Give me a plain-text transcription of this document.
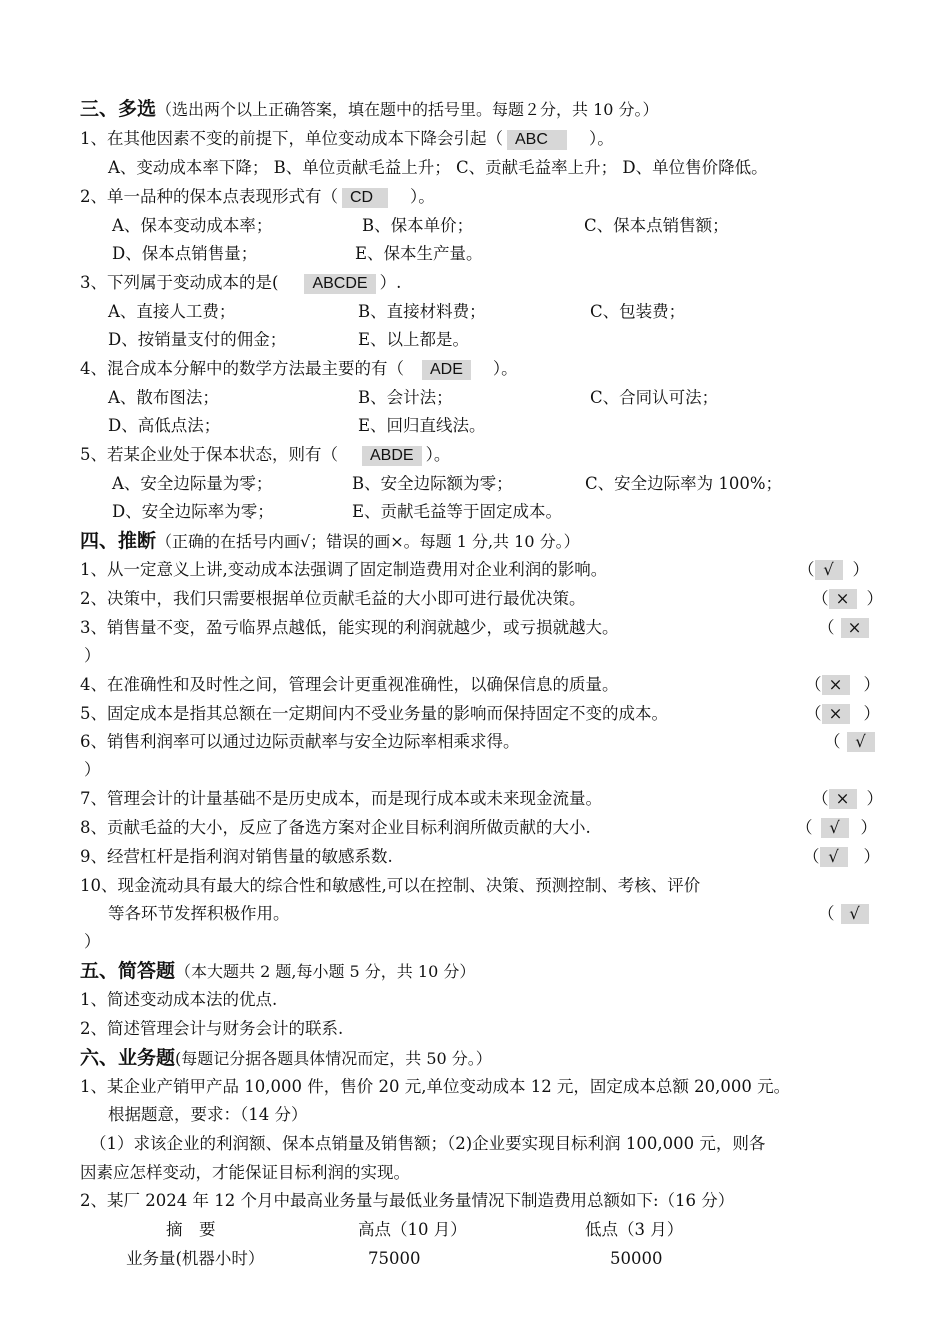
三、多选（选出两个以上正确答案，填在题中的括号里。每题２分，共 10 分。）
1、在其他因素不变的前提下，单位变动成本下降会引起（ ABC ）。
A、变动成本率下降； B、单位贡献毛益上升； C、贡献毛益率上升； D、单位售价降低。
2、单一品种的保本点表现形式有（ CD ）。
A、保本变动成本率；	B、保本单价；	C、保本点销售额；
D、保本点销售量；	E、保本生产量。
3、下列属于变动成本的是( ABCDE ）.
A、直接人工费；	B、直接材料费；	C、包装费；
D、按销量支付的佣金；	E、以上都是。
4、混合成本分解中的数学方法最主要的有（ ADE ）。
A、散布图法；	B、会计法；	C、合同认可法；
D、高低点法；	E、回归直线法。
5、若某企业处于保本状态，则有（ ABDE ）。
A、安全边际量为零；	B、安全边际额为零；	C、安全边际率为 100%；
D、安全边际率为零；	E、贡献毛益等于固定成本。
四、推断（正确的在括号内画√；错误的画×。每题 1 分,共 10 分。）
1、从一定意义上讲,变动成本法强调了固定制造费用对企业利润的影响。	（ √ ）
2、决策中，我们只需要根据单位贡献毛益的大小即可进行最优决策。	（ × ）
3、销售量不变，盈亏临界点越低，能实现的利润就越少，或亏损就越大。	（ ×
）
4、在准确性和及时性之间，管理会计更重视准确性，以确保信息的质量。	（ × ）
5、固定成本是指其总额在一定期间内不受业务量的影响而保持固定不变的成本。	（ × ）
6、销售利润率可以通过边际贡献率与安全边际率相乘求得。	（ √
）
7、管理会计的计量基础不是历史成本，而是现行成本或未来现金流量。	（ × ）
8、贡献毛益的大小，反应了备选方案对企业目标利润所做贡献的大小.	（ √ ）
9、经营杠杆是指利润对销售量的敏感系数.	（ √ ）
10、现金流动具有最大的综合性和敏感性,可以在控制、决策、预测控制、考核、评价
等各环节发挥积极作用。	（ √
）
五、简答题（本大题共 2 题,每小题 5 分，共 10 分）
1、简述变动成本法的优点.
2、简述管理会计与财务会计的联系.
六、业务题(每题记分据各题具体情况而定，共 50 分。）
1、某企业产销甲产品 10,000 件，售价 20 元,单位变动成本 12 元，固定成本总额 20,000 元。
根据题意，要求：（14 分）
（1）求该企业的利润额、保本点销量及销售额；（2)企业要实现目标利润 100,000 元，则各
因素应怎样变动，才能保证目标利润的实现。
2、某厂 2024 年 12 个月中最高业务量与最低业务量情况下制造费用总额如下:（16 分）
摘　要	高点（10 月）	低点（3 月）
业务量(机器小时）	75000	50000
